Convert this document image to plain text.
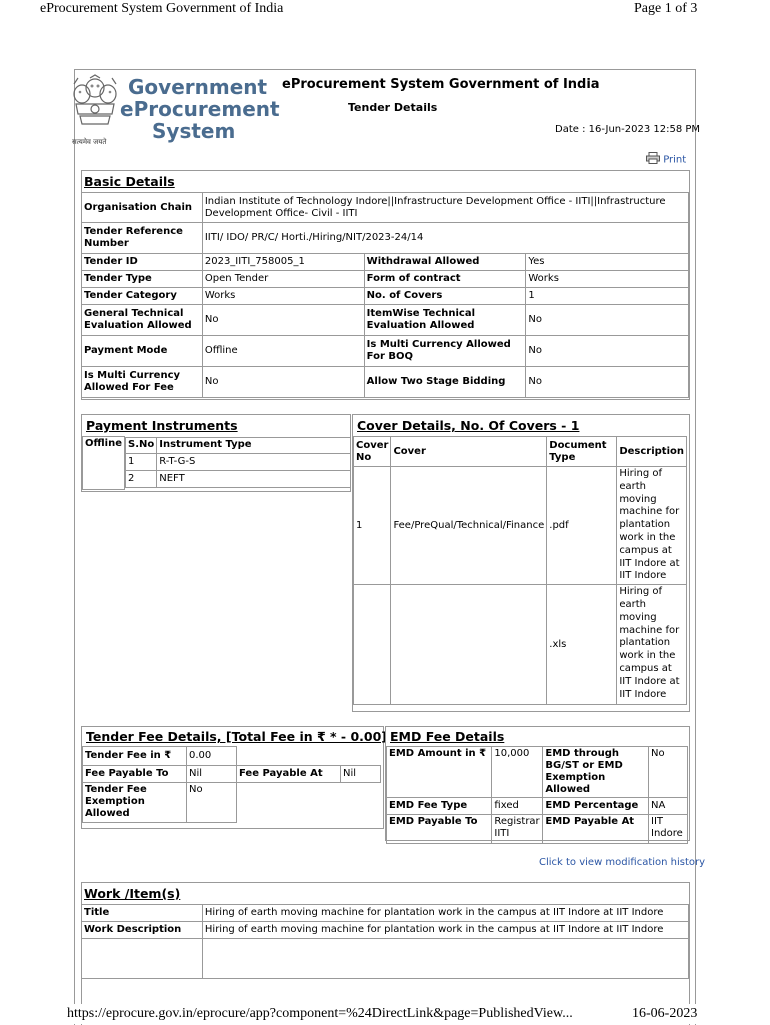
eProcurement System Government of India	Page 1 of 3
सत्यमेव जयते
Government
eProcurement
System
eProcurement System Government of India
Tender Details
Date : 16-Jun-2023 12:58 PM
Print
Basic Details
Organisation Chain	Indian Institute of Technology Indore||Infrastructure Development Office - IITI||Infrastructure Development Office- Civil - IITI		
Tender Reference Number	IITI/ IDO/ PR/C/ Horti./Hiring/NIT/2023-24/14		
Tender ID	2023_IITI_758005_1	Withdrawal Allowed	Yes
Tender Type	Open Tender	Form of contract	Works
Tender Category	Works	No. of Covers	1
General Technical Evaluation Allowed	No	ItemWise Technical Evaluation Allowed	No
Payment Mode	Offline	Is Multi Currency Allowed For BOQ	No
Is Multi Currency Allowed For Fee	No	Allow Two Stage Bidding	No
Payment Instruments
Offline	S.No	Instrument Type
1	R-T-G-S
2	NEFT
Cover Details, No. Of Covers - 1
Cover No	Cover	Document Type	Description
1	Fee/PreQual/Technical/Finance	.pdf	Hiring of earth moving machine for plantation work in the campus at IIT Indore at IIT Indore
		.xls	Hiring of earth moving machine for plantation work in the campus at IIT Indore at IIT Indore
Tender Fee Details, [Total Fee in ₹ * - 0.00]
Tender Fee in ₹	0.00		
Fee Payable To	Nil	Fee Payable At	Nil
Tender Fee Exemption Allowed	No		
EMD Fee Details
EMD Amount in ₹	10,000	EMD through BG/ST or EMD Exemption Allowed	No
EMD Fee Type	fixed	EMD Percentage	NA
EMD Payable To	Registrar IITI	EMD Payable At	IIT Indore
Click to view modification history
Work /Item(s)
Title	Hiring of earth moving machine for plantation work in the campus at IIT Indore at IIT Indore
Work Description	Hiring of earth moving machine for plantation work in the campus at IIT Indore at IIT Indore

https://eprocure.gov.in/eprocure/app?component=%24DirectLink&page=PublishedView...	16-06-2023
